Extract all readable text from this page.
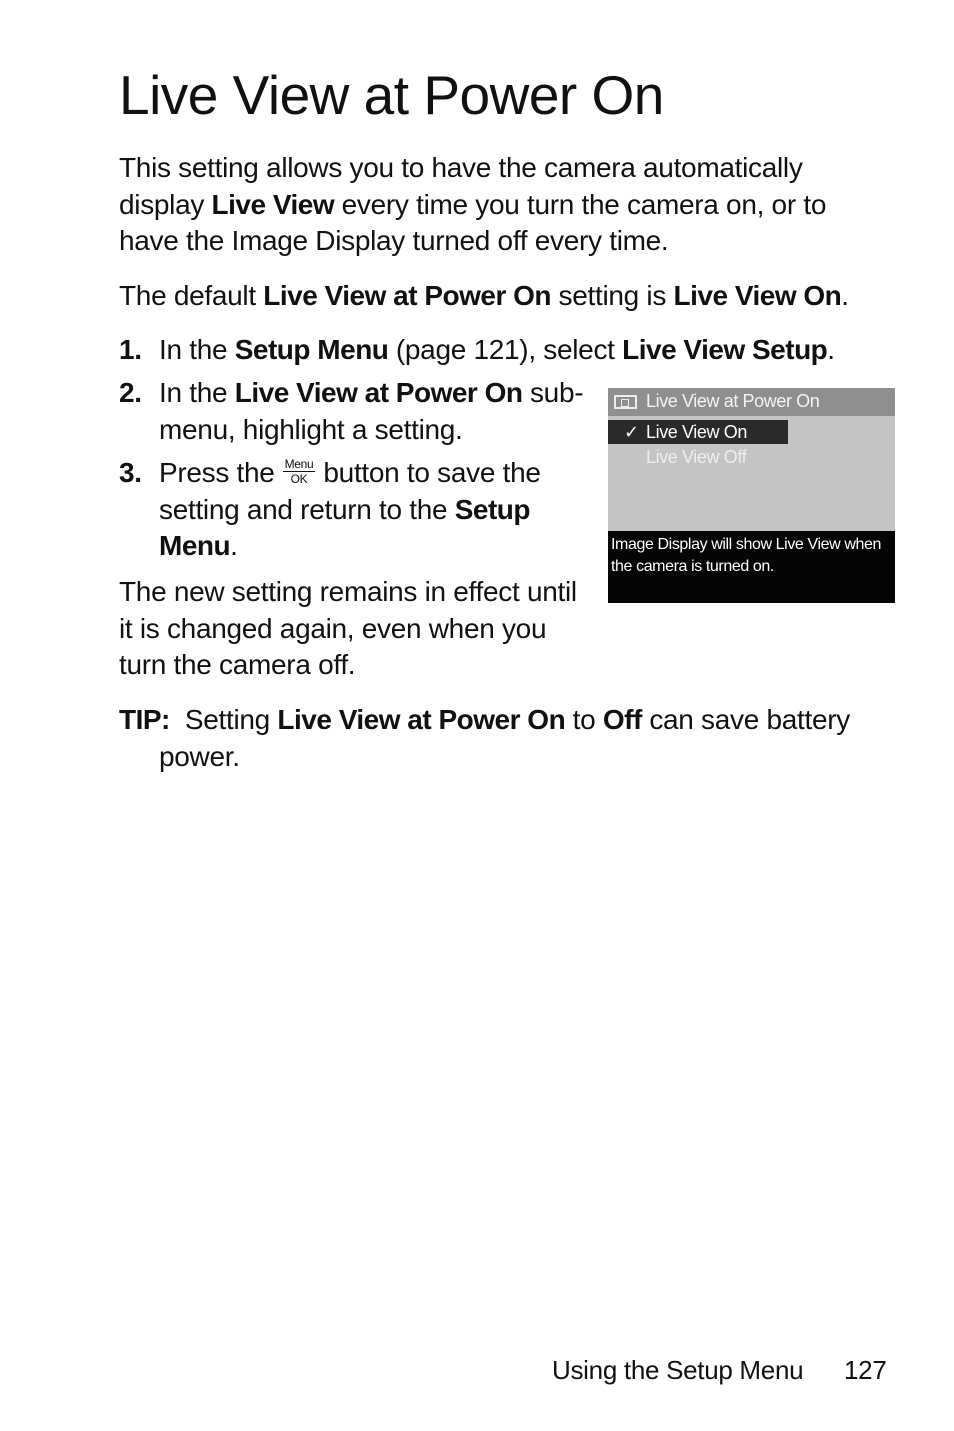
Live View at Power On

This setting allows you to have the camera automatically display Live View every time you turn the camera on, or to have the Image Display turned off every time.

The default Live View at Power On setting is Live View On.

1. In the Setup Menu (page 121), select Live View Setup.
2. In the Live View at Power On sub-menu, highlight a setting.
3. Press the Menu
OK button to save the setting and return to the Setup Menu.

The new setting remains in effect until it is changed again, even when you turn the camera off.

Live View at Power On
✓ Live View On
Live View Off
Image Display will show Live View when the camera is turned on.

TIP: Setting Live View at Power On to Off can save battery power.

Using the Setup Menu 127
